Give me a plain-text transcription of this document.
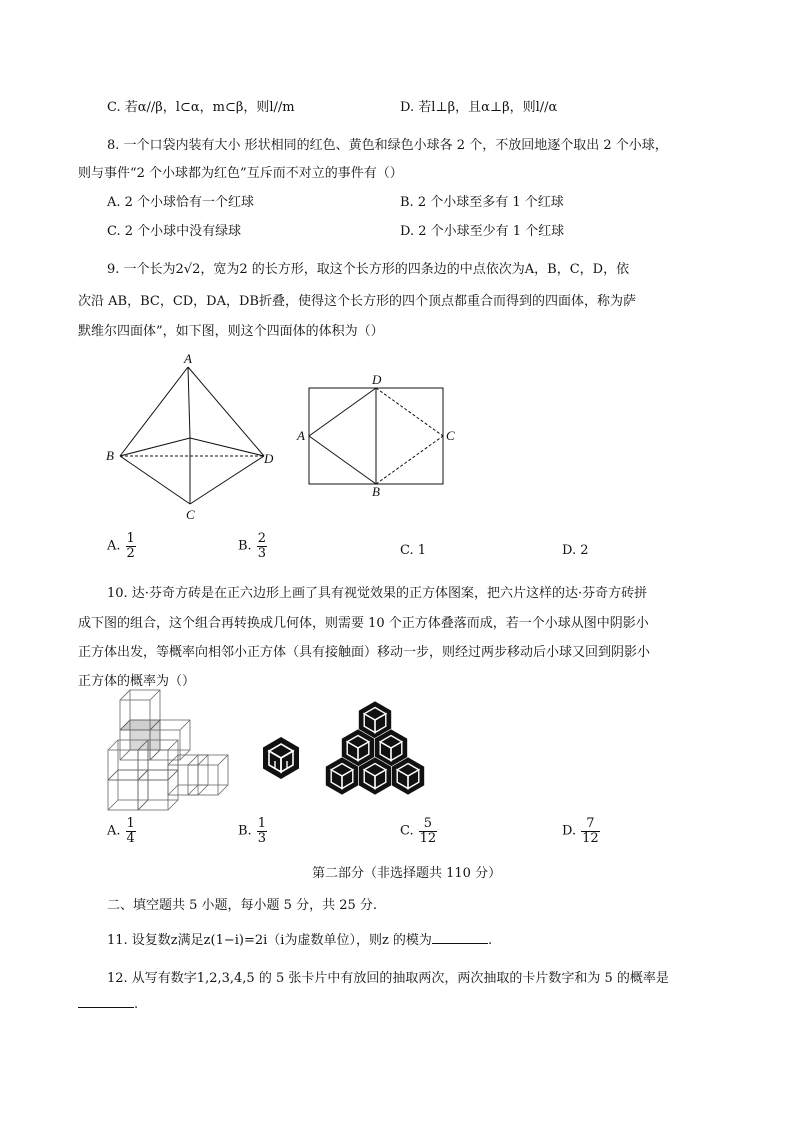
C. 若α//β，l⊂α，m⊂β，则l//m	D. 若l⊥β，且α⊥β，则l//α
8. 一个口袋内装有大小 形状相同的红色、黄色和绿色小球各 2 个，不放回地逐个取出 2 个小球，
则与事件“2 个小球都为红色”互斥而不对立的事件有（）
A. 2 个小球恰有一个红球	B. 2 个小球至多有 1 个红球
C. 2 个小球中没有绿球	D. 2 个小球至少有 1 个红球
9. 一个长为2√2，宽为2 的长方形，取这个长方形的四条边的中点依次为A，B，C，D，依
次沿 AB，BC，CD，DA，DB折叠，使得这个长方形的四个顶点都重合而得到的四面体，称为萨
默维尔四面体”，如下图，则这个四面体的体积为（）
A
B
C
D
D
A	C
B
A. $\frac{1}{2}$	B. $\frac{2}{3}$	C. 1	D. 2
10. 达·芬奇方砖是在正六边形上画了具有视觉效果的正方体图案，把六片这样的达·芬奇方砖拼
成下图的组合，这个组合再转换成几何体，则需要 10 个正方体叠落而成，若一个小球从图中阴影小
正方体出发，等概率向相邻小正方体（具有接触面）移动一步，则经过两步移动后小球又回到阴影小
正方体的概率为（）
A. $\frac{1}{4}$	B. $\frac{1}{3}$	C. $\frac{5}{12}$	D. $\frac{7}{12}$
第二部分（非选择题共 110 分）
二、填空题共 5 小题，每小题 5 分，共 25 分.
11. 设复数z满足z(1−i)=2i（i为虚数单位），则z 的模为	.
12. 从写有数字1,2,3,4,5 的 5 张卡片中有放回的抽取两次，两次抽取的卡片数字和为 5 的概率是
.
